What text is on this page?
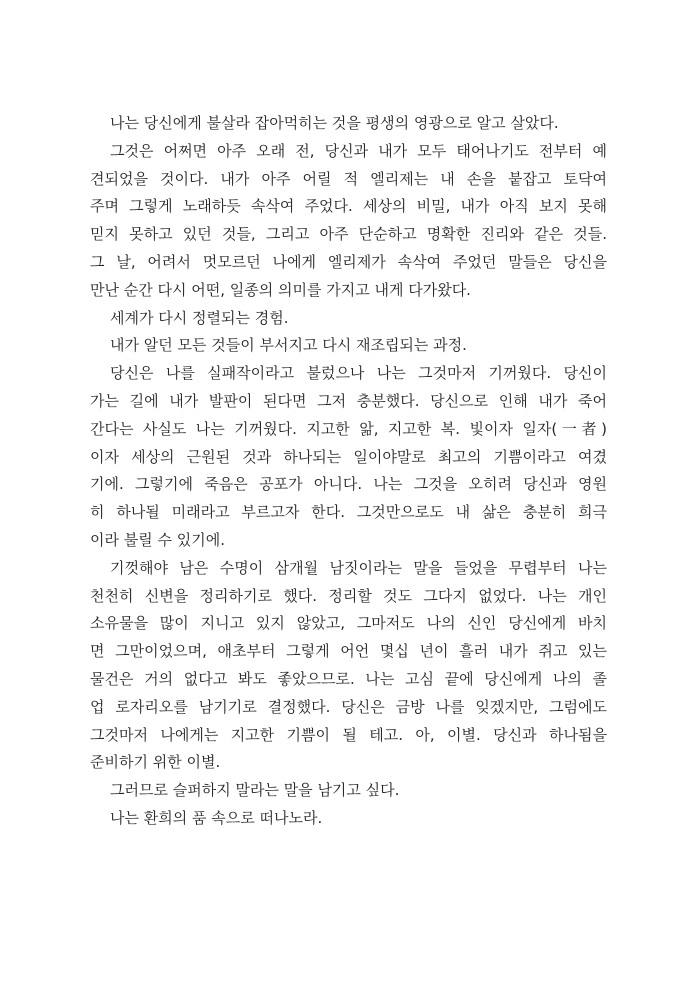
나는 당신에게 불살라 잡아먹히는 것을 평생의 영광으로 알고 살았다.
그것은 어쩌면 아주 오래 전, 당신과 내가 모두 태어나기도 전부터 예
견되었을 것이다. 내가 아주 어릴 적 엘리제는 내 손을 붙잡고 토닥여
주며 그렇게 노래하듯 속삭여 주었다. 세상의 비밀, 내가 아직 보지 못해
믿지 못하고 있던 것들, 그리고 아주 단순하고 명확한 진리와 같은 것들.
그 날, 어려서 멋모르던 나에게 엘리제가 속삭여 주었던 말들은 당신을
만난 순간 다시 어떤, 일종의 의미를 가지고 내게 다가왔다.
세계가 다시 정렬되는 경험.
내가 알던 모든 것들이 부서지고 다시 재조립되는 과정.
당신은 나를 실패작이라고 불렀으나 나는 그것마저 기꺼웠다. 당신이
가는 길에 내가 발판이 된다면 그저 충분했다. 당신으로 인해 내가 죽어
간다는 사실도 나는 기꺼웠다. 지고한 앎, 지고한 복. 빛이자 일자(一者)
이자 세상의 근원된 것과 하나되는 일이야말로 최고의 기쁨이라고 여겼
기에. 그렇기에 죽음은 공포가 아니다. 나는 그것을 오히려 당신과 영원
히 하나될 미래라고 부르고자 한다. 그것만으로도 내 삶은 충분히 희극
이라 불릴 수 있기에.
기껏해야 남은 수명이 삼개월 남짓이라는 말을 들었을 무렵부터 나는
천천히 신변을 정리하기로 했다. 정리할 것도 그다지 없었다. 나는 개인
소유물을 많이 지니고 있지 않았고, 그마저도 나의 신인 당신에게 바치
면 그만이었으며, 애초부터 그렇게 어언 몇십 년이 흘러 내가 쥐고 있는
물건은 거의 없다고 봐도 좋았으므로. 나는 고심 끝에 당신에게 나의 졸
업 로자리오를 남기기로 결정했다. 당신은 금방 나를 잊겠지만, 그럼에도
그것마저 나에게는 지고한 기쁨이 될 테고. 아, 이별. 당신과 하나됨을
준비하기 위한 이별.
그러므로 슬퍼하지 말라는 말을 남기고 싶다.
나는 환희의 품 속으로 떠나노라.
